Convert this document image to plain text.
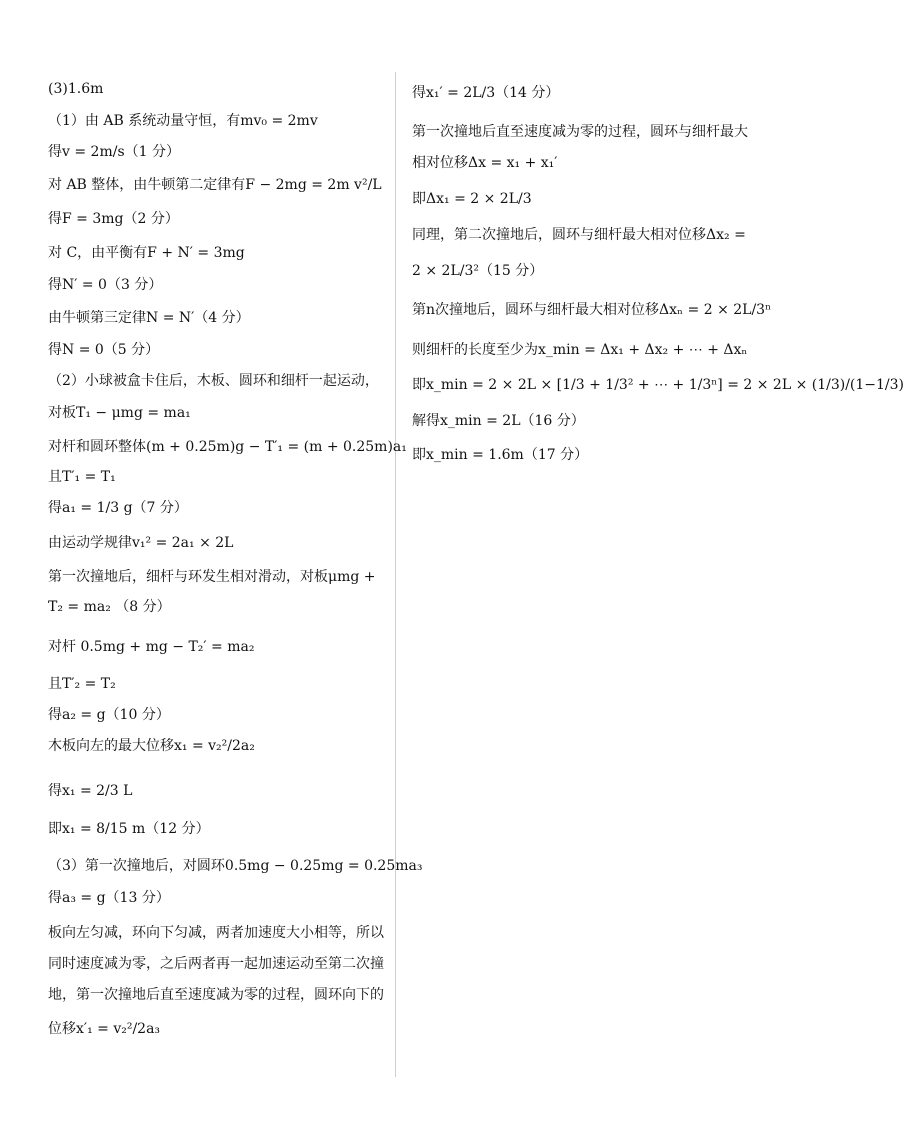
(3)1.6m
（1）由 AB 系统动量守恒，有mv₀ = 2mv
得v = 2m/s（1 分）
对 AB 整体，由牛顿第二定律有F − 2mg = 2m v²/L
得F = 3mg（2 分）
对 C，由平衡有F + N′ = 3mg
得N′ = 0（3 分）
由牛顿第三定律N = N′（4 分）
得N = 0（5 分）
（2）小球被盒卡住后，木板、圆环和细杆一起运动，
对板T₁ − μmg = ma₁
对杆和圆环整体(m + 0.25m)g − T′₁ = (m + 0.25m)a₁
且T′₁ = T₁
得a₁ = 1/3 g（7 分）
由运动学规律v₁² = 2a₁ × 2L
第一次撞地后，细杆与环发生相对滑动，对板μmg +
T₂ = ma₂ （8 分）
对杆 0.5mg + mg − T₂′ = ma₂
且T′₂ = T₂
得a₂ = g（10 分）
木板向左的最大位移x₁ = v₂²/2a₂
得x₁ = 2/3 L
即x₁ = 8/15 m（12 分）
（3）第一次撞地后，对圆环0.5mg − 0.25mg = 0.25ma₃
得a₃ = g（13 分）
板向左匀减，环向下匀减，两者加速度大小相等，所以
同时速度减为零，之后两者再一起加速运动至第二次撞
地，第一次撞地后直至速度减为零的过程，圆环向下的
位移x′₁ = v₂²/2a₃
得x₁′ = 2L/3（14 分）
第一次撞地后直至速度减为零的过程，圆环与细杆最大
相对位移Δx = x₁ + x₁′
即Δx₁ = 2 × 2L/3
同理，第二次撞地后，圆环与细杆最大相对位移Δx₂ =
2 × 2L/3²（15 分）
第n次撞地后，圆环与细杆最大相对位移Δxₙ = 2 × 2L/3ⁿ
则细杆的长度至少为x_min = Δx₁ + Δx₂ + ⋯ + Δxₙ
即x_min = 2 × 2L × [1/3 + 1/3² + ⋯ + 1/3ⁿ] = 2 × 2L × (1/3)/(1−1/3)
解得x_min = 2L（16 分）
即x_min = 1.6m（17 分）
